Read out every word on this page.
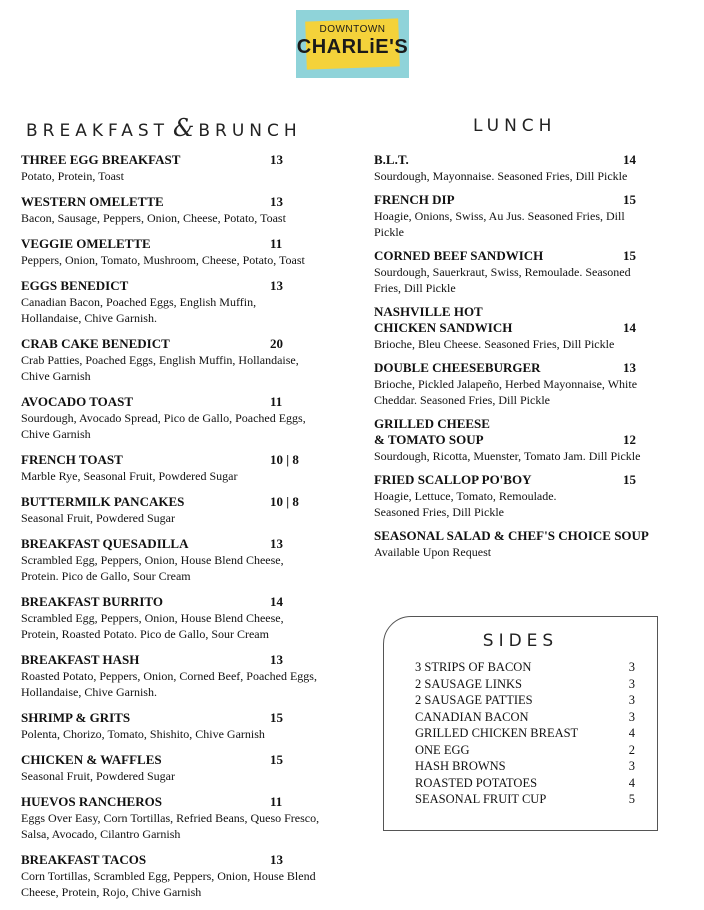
DOWNTOWN
CHARLiE'S
BREAKFAST & BRUNCH	LUNCH
THREE EGG BREAKFAST	13
Potato, Protein, Toast
WESTERN OMELETTE	13
Bacon, Sausage, Peppers, Onion, Cheese, Potato, Toast
VEGGIE OMELETTE	11
Peppers, Onion, Tomato, Mushroom, Cheese, Potato, Toast
EGGS BENEDICT	13
Canadian Bacon, Poached Eggs, English Muffin,
Hollandaise, Chive Garnish.
CRAB CAKE BENEDICT	20
Crab Patties, Poached Eggs, English Muffin, Hollandaise,
Chive Garnish
AVOCADO TOAST	11
Sourdough, Avocado Spread, Pico de Gallo, Poached Eggs,
Chive Garnish
FRENCH TOAST	10 | 8
Marble Rye, Seasonal Fruit, Powdered Sugar
BUTTERMILK PANCAKES	10 | 8
Seasonal Fruit, Powdered Sugar
BREAKFAST QUESADILLA	13
Scrambled Egg, Peppers, Onion, House Blend Cheese,
Protein. Pico de Gallo, Sour Cream
BREAKFAST BURRITO	14
Scrambled Egg, Peppers, Onion, House Blend Cheese,
Protein, Roasted Potato. Pico de Gallo, Sour Cream
BREAKFAST HASH	13
Roasted Potato, Peppers, Onion, Corned Beef, Poached Eggs,
Hollandaise, Chive Garnish.
SHRIMP & GRITS	15
Polenta, Chorizo, Tomato, Shishito, Chive Garnish
CHICKEN & WAFFLES	15
Seasonal Fruit, Powdered Sugar
HUEVOS RANCHEROS	11
Eggs Over Easy, Corn Tortillas, Refried Beans, Queso Fresco,
Salsa, Avocado, Cilantro Garnish
BREAKFAST TACOS	13
Corn Tortillas, Scrambled Egg, Peppers, Onion, House Blend
Cheese, Protein, Rojo, Chive Garnish
B.L.T.	14
Sourdough, Mayonnaise. Seasoned Fries, Dill Pickle
FRENCH DIP	15
Hoagie, Onions, Swiss, Au Jus. Seasoned Fries, Dill
Pickle
CORNED BEEF SANDWICH	15
Sourdough, Sauerkraut, Swiss, Remoulade. Seasoned
Fries, Dill Pickle
NASHVILLE HOT
CHICKEN SANDWICH	14
Brioche, Bleu Cheese. Seasoned Fries, Dill Pickle
DOUBLE CHEESEBURGER	13
Brioche, Pickled Jalapeño, Herbed Mayonnaise, White
Cheddar. Seasoned Fries, Dill Pickle
GRILLED CHEESE
& TOMATO SOUP	12
Sourdough, Ricotta, Muenster, Tomato Jam. Dill Pickle
FRIED SCALLOP PO'BOY	15
Hoagie, Lettuce, Tomato, Remoulade.
Seasoned Fries, Dill Pickle
SEASONAL SALAD & CHEF'S CHOICE SOUP
Available Upon Request
SIDES
3 STRIPS OF BACON	3
2 SAUSAGE LINKS	3
2 SAUSAGE PATTIES	3
CANADIAN BACON	3
GRILLED CHICKEN BREAST	4
ONE EGG	2
HASH BROWNS	3
ROASTED POTATOES	4
SEASONAL FRUIT CUP	5
